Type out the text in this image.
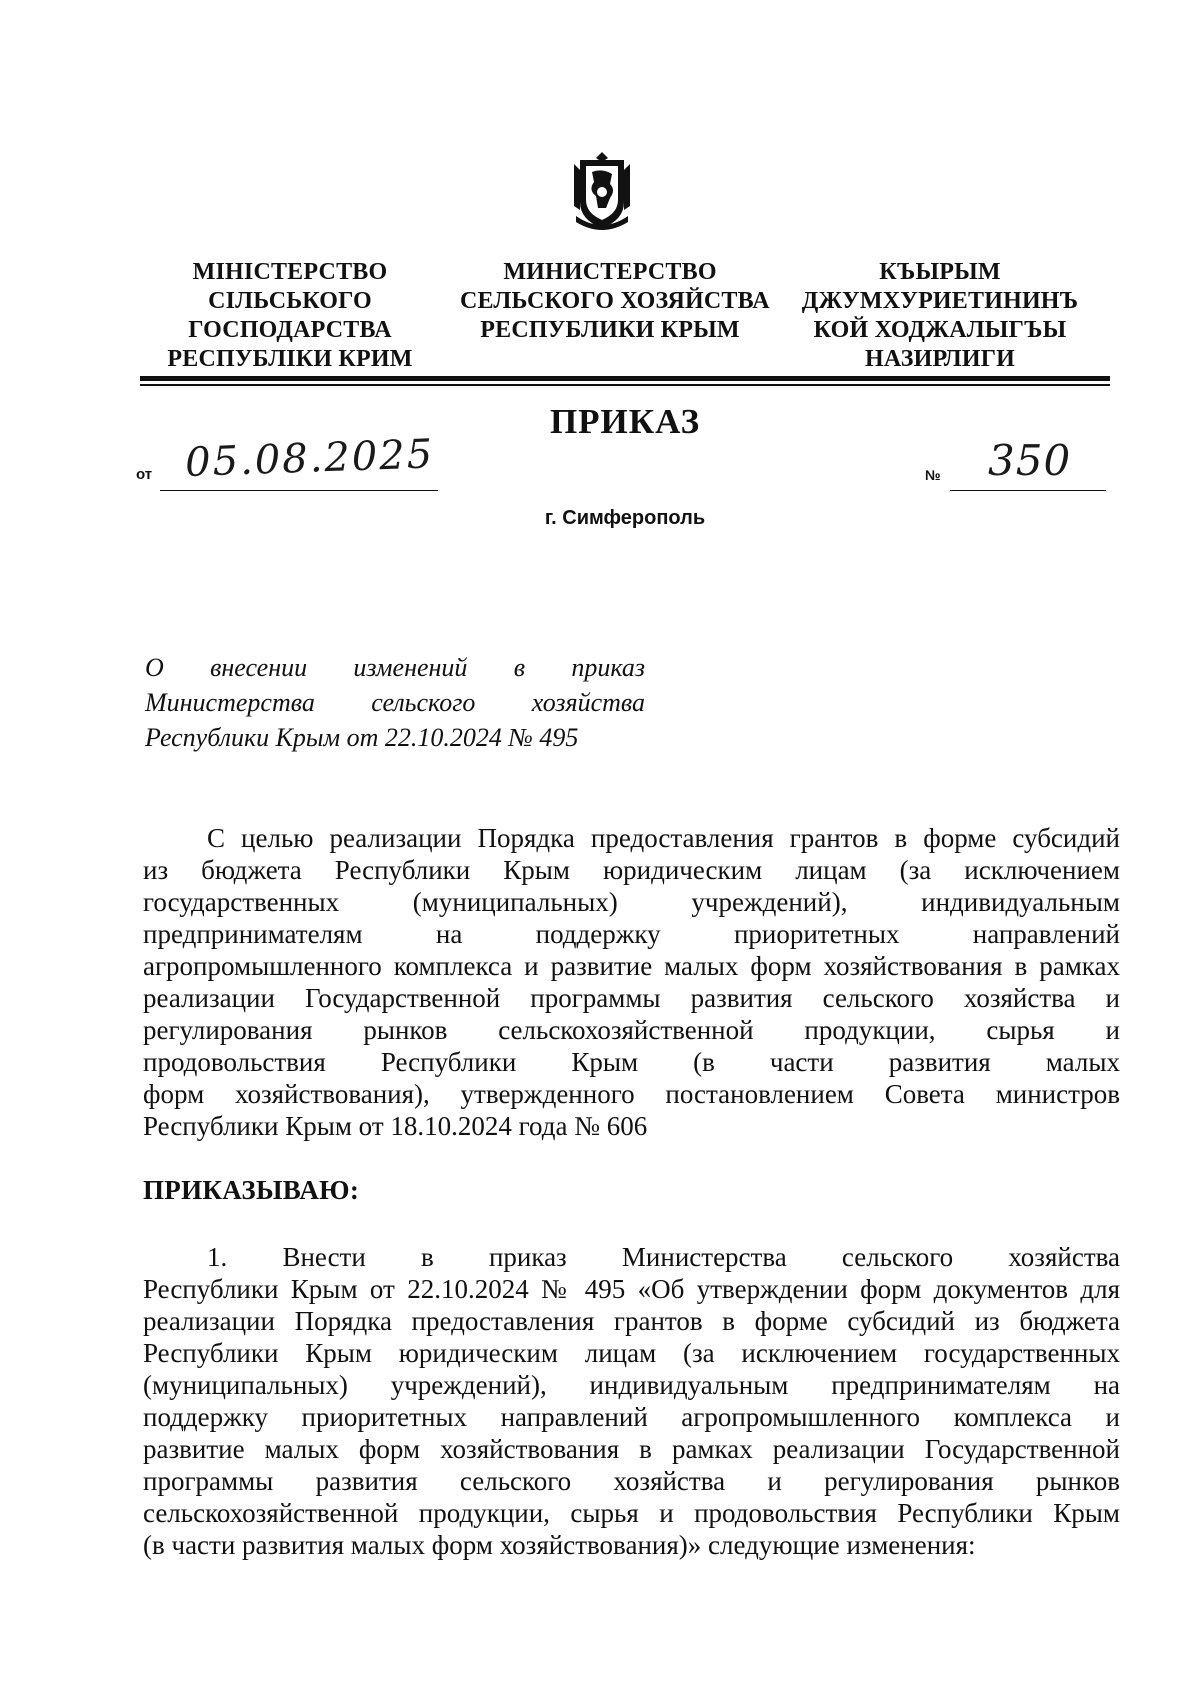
МІНІСТЕРСТВО
СІЛЬСЬКОГО
ГОСПОДАРСТВА
РЕСПУБЛІКИ КРИМ
МИНИСТЕРСТВО
СЕЛЬСКОГО ХОЗЯЙСТВА
РЕСПУБЛИКИ КРЫМ
КЪЫРЫМ
ДЖУМХУРИЕТИНИНЪ
КОЙ ХОДЖАЛЫГЪЫ
НАЗИРЛИГИ
ПРИКАЗ
от 05.08.2025	№ 350
г. Симферополь
О внесении изменений в приказ
Министерства сельского хозяйства
Республики Крым от 22.10.2024 № 495
С целью реализации Порядка предоставления грантов в форме субсидий
из бюджета Республики Крым юридическим лицам (за исключением
государственных (муниципальных) учреждений), индивидуальным
предпринимателям на поддержку приоритетных направлений
агропромышленного комплекса и развитие малых форм хозяйствования в рамках
реализации Государственной программы развития сельского хозяйства и
регулирования рынков сельскохозяйственной продукции, сырья и
продовольствия Республики Крым (в части развития малых
форм хозяйствования), утвержденного постановлением Совета министров
Республики Крым от 18.10.2024 года № 606
ПРИКАЗЫВАЮ:
1. Внести в приказ Министерства сельского хозяйства
Республики Крым от 22.10.2024 № 495 «Об утверждении форм документов для
реализации Порядка предоставления грантов в форме субсидий из бюджета
Республики Крым юридическим лицам (за исключением государственных
(муниципальных) учреждений), индивидуальным предпринимателям на
поддержку приоритетных направлений агропромышленного комплекса и
развитие малых форм хозяйствования в рамках реализации Государственной
программы развития сельского хозяйства и регулирования рынков
сельскохозяйственной продукции, сырья и продовольствия Республики Крым
(в части развития малых форм хозяйствования)» следующие изменения:
